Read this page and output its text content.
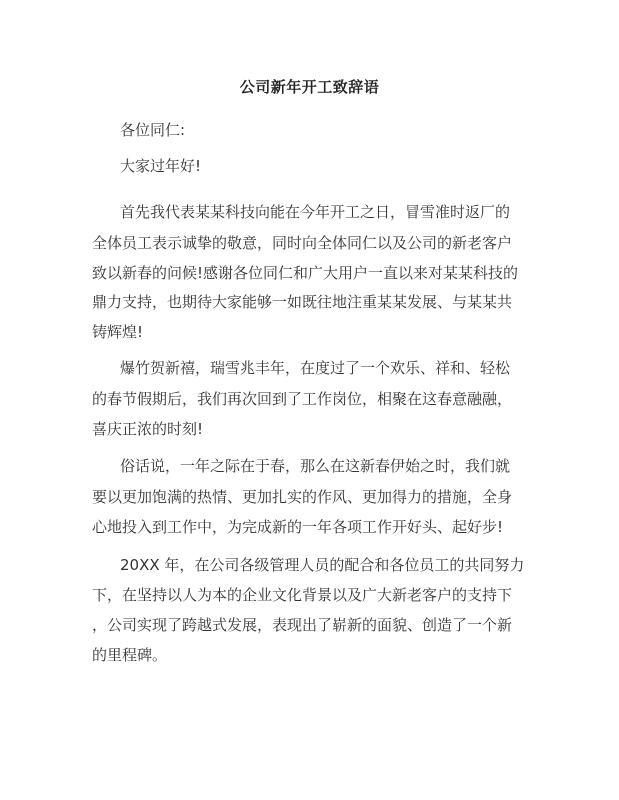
公司新年开工致辞语
各位同仁:
大家过年好!
首先我代表某某科技向能在今年开工之日，冒雪准时返厂的
全体员工表示诚挚的敬意，同时向全体同仁以及公司的新老客户
致以新春的问候!感谢各位同仁和广大用户一直以来对某某科技的
鼎力支持，也期待大家能够一如既往地注重某某发展、与某某共
铸辉煌!
爆竹贺新禧，瑞雪兆丰年，在度过了一个欢乐、祥和、轻松
的春节假期后，我们再次回到了工作岗位，相聚在这春意融融，
喜庆正浓的时刻!
俗话说，一年之际在于春，那么在这新春伊始之时，我们就
要以更加饱满的热情、更加扎实的作风、更加得力的措施，全身
心地投入到工作中，为完成新的一年各项工作开好头、起好步!
20XX 年，在公司各级管理人员的配合和各位员工的共同努力
下，在坚持以人为本的企业文化背景以及广大新老客户的支持下
，公司实现了跨越式发展，表现出了崭新的面貌、创造了一个新
的里程碑。
